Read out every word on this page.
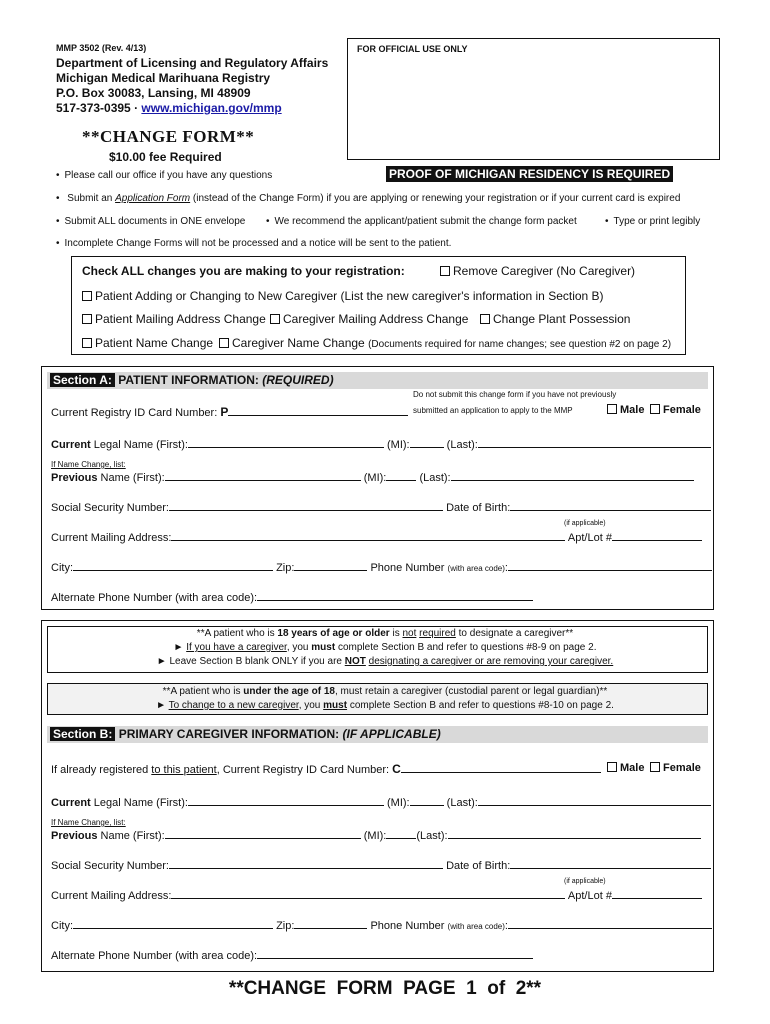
MMP 3502 (Rev. 4/13)
Department of Licensing and Regulatory Affairs
Michigan Medical Marihuana Registry
P.O. Box 30083, Lansing, MI 48909
517-373-0395 · www.michigan.gov/mmp
FOR OFFICIAL USE ONLY
**CHANGE FORM**
$10.00 fee Required
PROOF OF MICHIGAN RESIDENCY IS REQUIRED
• Please call our office if you have any questions
• Submit an Application Form (instead of the Change Form) if you are applying or renewing your registration or if your current card is expired
• Submit ALL documents in ONE envelope	• We recommend the applicant/patient submit the change form packet	• Type or print legibly
• Incomplete Change Forms will not be processed and a notice will be sent to the patient.
Check ALL changes you are making to your registration:	Remove Caregiver (No Caregiver)
Patient Adding or Changing to New Caregiver (List the new caregiver's information in Section B)
Patient Mailing Address Change	Caregiver Mailing Address Change	Change Plant Possession
Patient Name Change	Caregiver Name Change (Documents required for name changes; see question #2 on page 2)
Section A: PATIENT INFORMATION: (REQUIRED)
Do not submit this change form if you have not previously
Current Registry ID Card Number: P	submitted an application to apply to the MMP	Male	Female
Current Legal Name (First):	(MI):	(Last):
If Name Change, list:
Previous Name (First):	(MI):	(Last):
Social Security Number:	Date of Birth:
(if applicable)
Current Mailing Address:	Apt/Lot #
City:	Zip:	Phone Number (with area code):
Alternate Phone Number (with area code):
**A patient who is 18 years of age or older is not required to designate a caregiver**
► If you have a caregiver, you must complete Section B and refer to questions #8-9 on page 2.
► Leave Section B blank ONLY if you are NOT designating a caregiver or are removing your caregiver.
**A patient who is under the age of 18, must retain a caregiver (custodial parent or legal guardian)**
► To change to a new caregiver, you must complete Section B and refer to questions #8-10 on page 2.
Section B: PRIMARY CAREGIVER INFORMATION: (IF APPLICABLE)
If already registered to this patient, Current Registry ID Card Number: C	Male	Female
Current Legal Name (First):	(MI):	(Last):
If Name Change, list:
Previous Name (First):	(MI):	(Last):
Social Security Number:	Date of Birth:
(if applicable)
Current Mailing Address:	Apt/Lot #
City:	Zip:	Phone Number (with area code):
Alternate Phone Number (with area code):
**CHANGE  FORM  PAGE  1  of  2**
